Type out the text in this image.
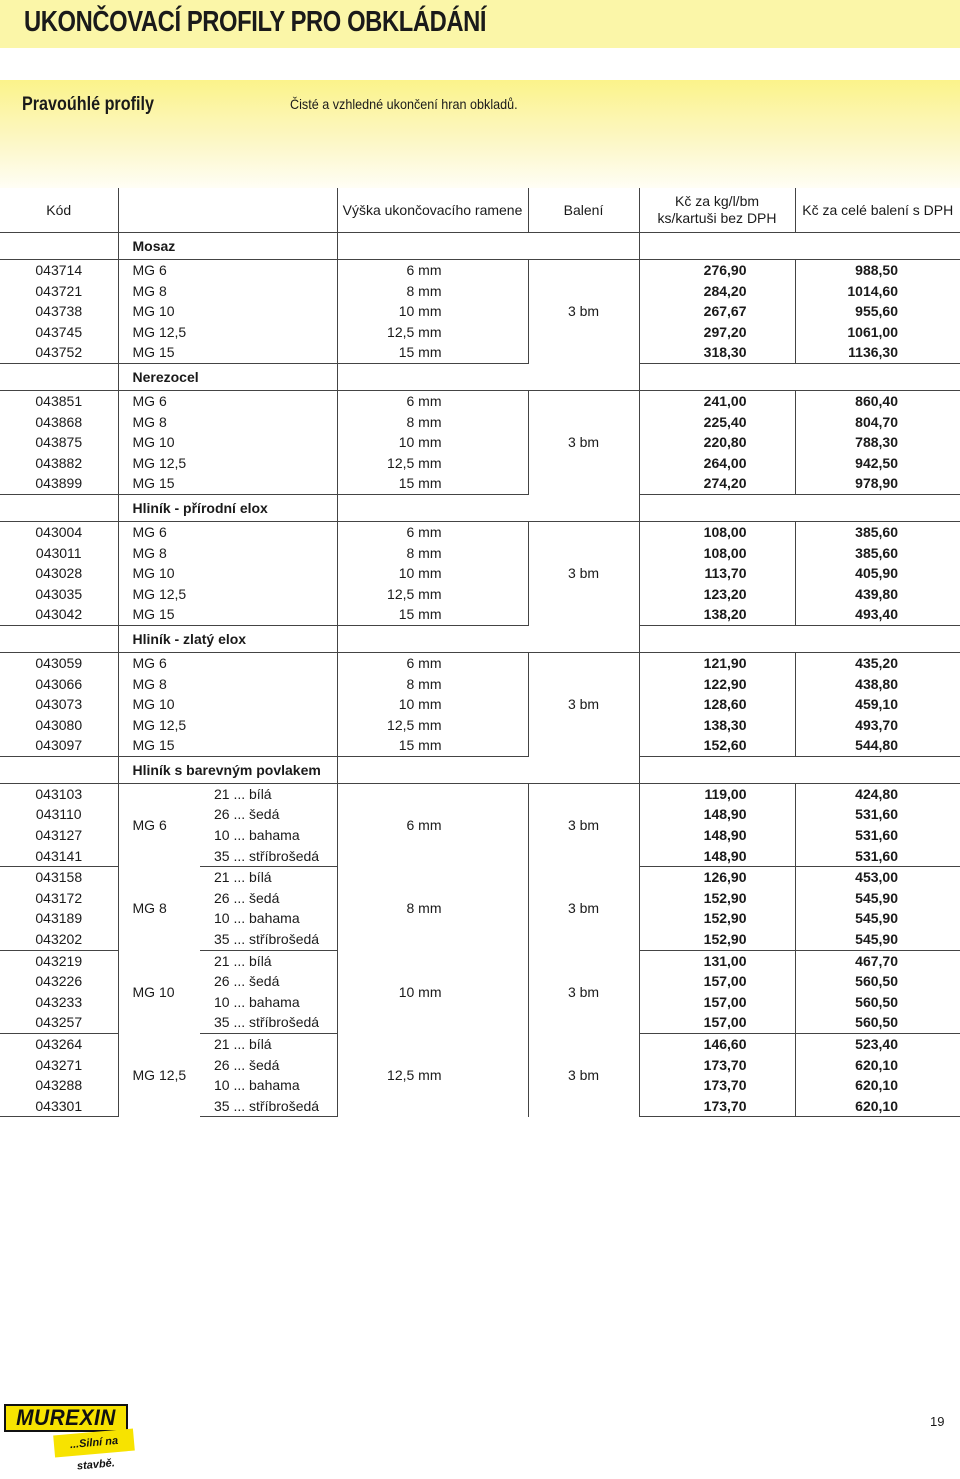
UKONČOVACÍ PROFILY PRO OBKLÁDÁNÍ
Pravoúhlé profily	Čisté a vzhledné ukončení hran obkladů.
Kód			Výška ukončovacího ramene	Balení	Kč za kg/l/bm
ks/kartuši bez DPH	Kč za celé balení s DPH
	Mosaz					
043714	MG 6		6 mm	3 bm	276,90	988,50
043721	MG 8		8 mm		284,20	1014,60
043738	MG 10		10 mm		267,67	955,60
043745	MG 12,5		12,5 mm		297,20	1061,00
043752	MG 15		15 mm		318,30	1136,30
	Nerezocel					
043851	MG 6		6 mm	3 bm	241,00	860,40
043868	MG 8		8 mm		225,40	804,70
043875	MG 10		10 mm		220,80	788,30
043882	MG 12,5		12,5 mm		264,00	942,50
043899	MG 15		15 mm		274,20	978,90
	Hliník - přírodní elox					
043004	MG 6		6 mm	3 bm	108,00	385,60
043011	MG 8		8 mm		108,00	385,60
043028	MG 10		10 mm		113,70	405,90
043035	MG 12,5		12,5 mm		123,20	439,80
043042	MG 15		15 mm		138,20	493,40
	Hliník - zlatý elox					
043059	MG 6		6 mm	3 bm	121,90	435,20
043066	MG 8		8 mm		122,90	438,80
043073	MG 10		10 mm		128,60	459,10
043080	MG 12,5		12,5 mm		138,30	493,70
043097	MG 15		15 mm		152,60	544,80
	Hliník s barevným povlakem					
043103	MG 6	21 ... bílá	6 mm	3 bm	119,00	424,80
043110		26 ... šedá			148,90	531,60
043127		10 ... bahama			148,90	531,60
043141		35 ... stříbrošedá			148,90	531,60
043158	MG 8	21 ... bílá	8 mm	3 bm	126,90	453,00
043172		26 ... šedá			152,90	545,90
043189		10 ... bahama			152,90	545,90
043202		35 ... stříbrošedá			152,90	545,90
043219	MG 10	21 ... bílá	10 mm	3 bm	131,00	467,70
043226		26 ... šedá			157,00	560,50
043233		10 ... bahama			157,00	560,50
043257		35 ... stříbrošedá			157,00	560,50
043264	MG 12,5	21 ... bílá	12,5 mm	3 bm	146,60	523,40
043271		26 ... šedá			173,70	620,10
043288		10 ... bahama			173,70	620,10
043301		35 ... stříbrošedá			173,70	620,10
MUREXIN
...Silní na stavbě.
19
